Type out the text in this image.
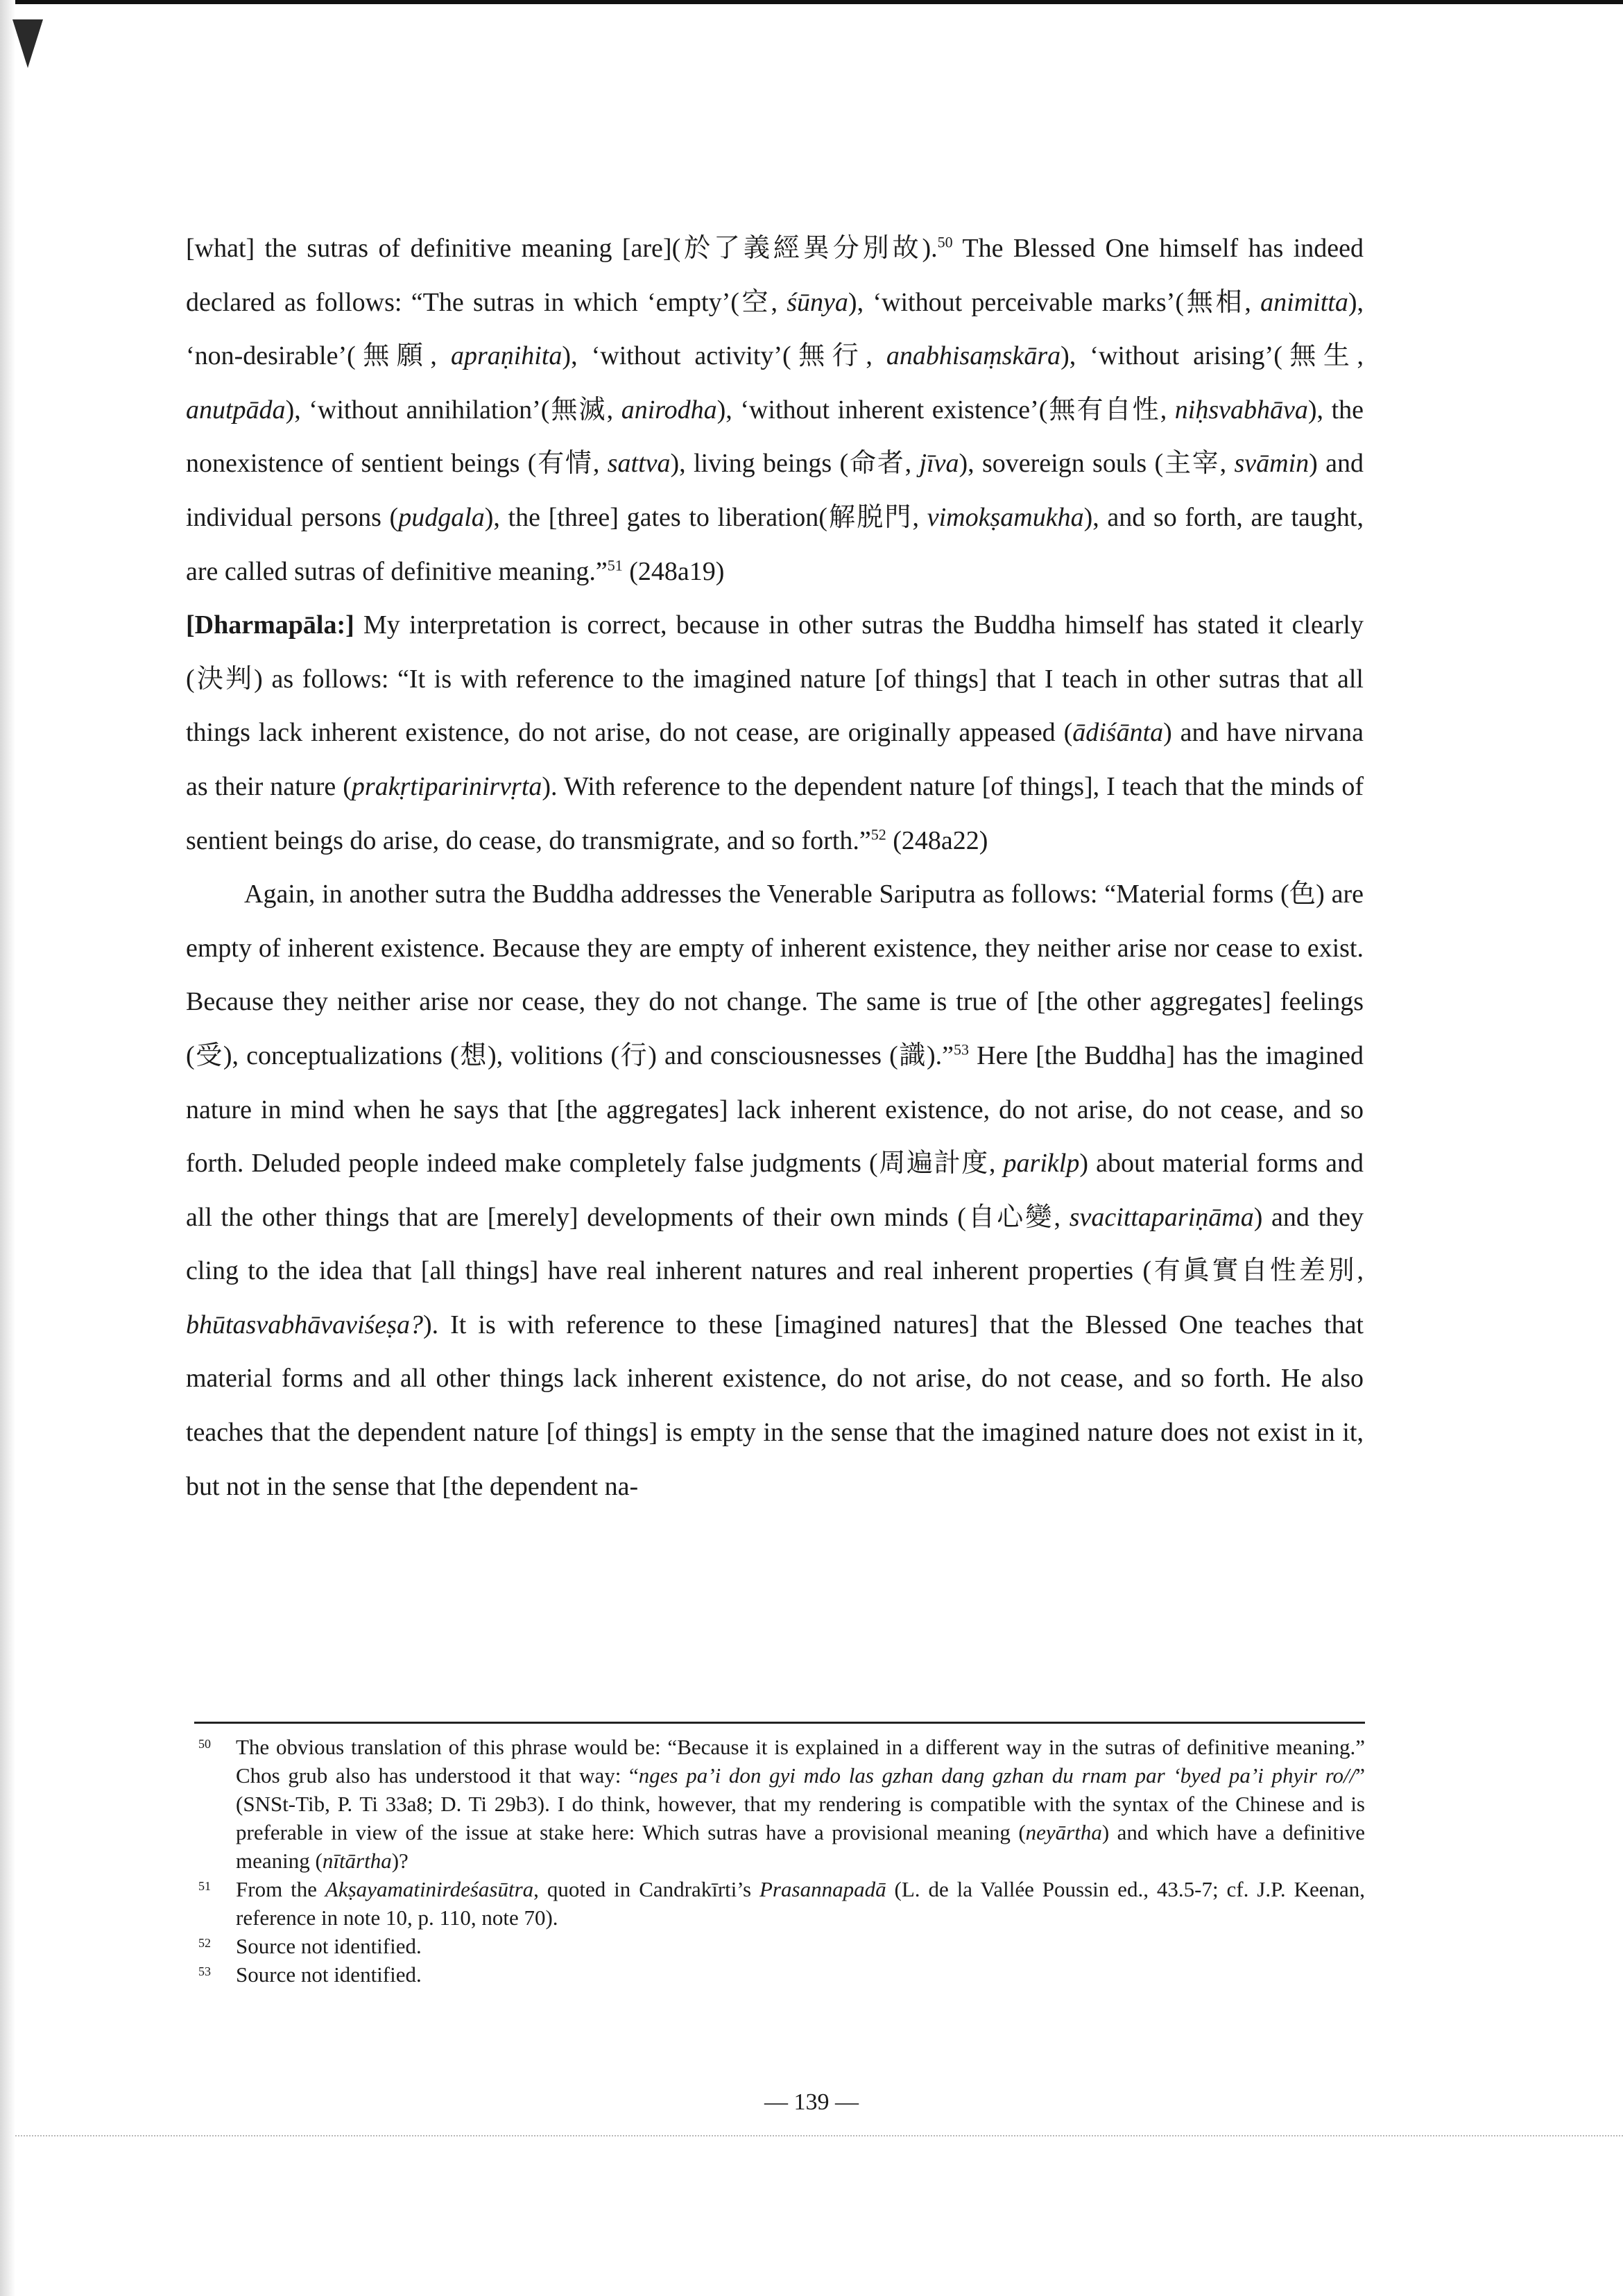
[what] the sutras of definitive meaning [are](於了義經異分別故).$^{50}$ The Blessed One himself has indeed declared as follows: “The sutras in which ‘empty’(空, śūnya), ‘without perceivable marks’(無相, animitta), ‘non-desirable’(無願, apraṇihita), ‘without activity’(無行, anabhisaṃskāra), ‘without arising’(無生, anutpāda), ‘without annihilation’(無滅, anirodha), ‘without inherent existence’(無有自性, niḥsvabhāva), the nonexistence of sentient beings (有情, sattva), living beings (命者, jīva), sovereign souls (主宰, svāmin) and individual persons (pudgala), the [three] gates to liberation(解脱門, vimokṣamukha), and so forth, are taught, are called sutras of definitive meaning.”$^{51}$ (248a19)

[Dharmapāla:] My interpretation is correct, because in other sutras the Buddha himself has stated it clearly (決判) as follows: “It is with reference to the imagined nature [of things] that I teach in other sutras that all things lack inherent existence, do not arise, do not cease, are originally appeased (ādiśānta) and have nirvana as their nature (prakṛtiparinirvṛta). With reference to the dependent nature [of things], I teach that the minds of sentient beings do arise, do cease, do transmigrate, and so forth.”$^{52}$ (248a22)

Again, in another sutra the Buddha addresses the Venerable Sariputra as follows: “Material forms (色) are empty of inherent existence. Because they are empty of inherent existence, they neither arise nor cease to exist. Because they neither arise nor cease, they do not change. The same is true of [the other aggregates] feelings (受), conceptualizations (想), volitions (行) and consciousnesses (識).”$^{53}$ Here [the Buddha] has the imagined nature in mind when he says that [the aggregates] lack inherent existence, do not arise, do not cease, and so forth. Deluded people indeed make completely false judgments (周遍計度, pariklp) about material forms and all the other things that are [merely] developments of their own minds (自心變, svacittapariṇāma) and they cling to the idea that [all things] have real inherent natures and real inherent properties (有眞實自性差別, bhūtasvabhāvaviśeṣa?). It is with reference to these [imagined natures] that the Blessed One teaches that material forms and all other things lack inherent existence, do not arise, do not cease, and so forth. He also teaches that the dependent nature [of things] is empty in the sense that the imagined nature does not exist in it, but not in the sense that [the dependent na-

50 The obvious translation of this phrase would be: “Because it is explained in a different way in the sutras of definitive meaning.” Chos grub also has understood it that way: “nges pa’i don gyi mdo las gzhan dang gzhan du rnam par ‘byed pa’i phyir ro//” (SNSt-Tib, P. Ti 33a8; D. Ti 29b3). I do think, however, that my rendering is compatible with the syntax of the Chinese and is preferable in view of the issue at stake here: Which sutras have a provisional meaning (neyārtha) and which have a definitive meaning (nītārtha)?

51 From the Akṣayamatinirdeśasūtra, quoted in Candrakīrti’s Prasannapadā (L. de la Vallée Poussin ed., 43.5-7; cf. J.P. Keenan, reference in note 10, p. 110, note 70).

52 Source not identified.

53 Source not identified.

— 139 —
